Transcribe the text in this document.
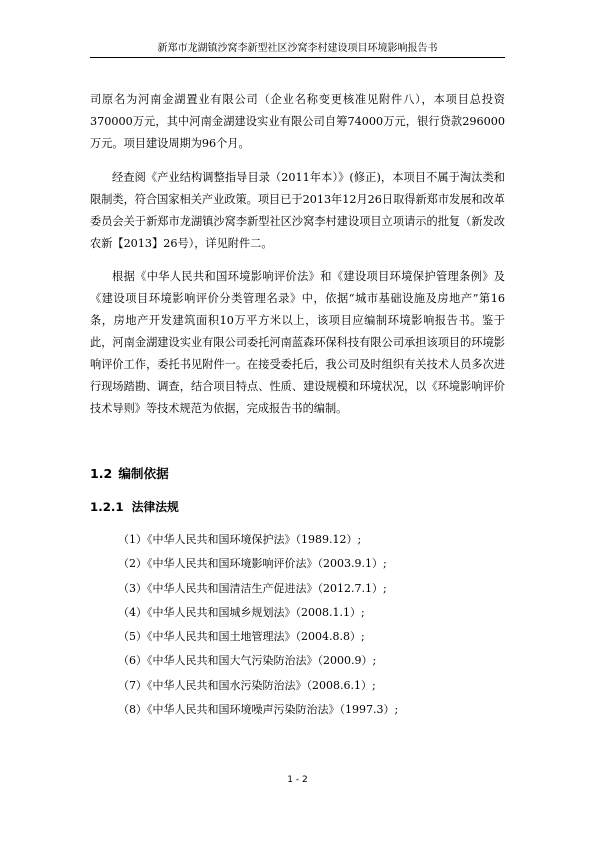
新郑市龙湖镇沙窝李新型社区沙窝李村建设项目环境影响报告书
司原名为河南金湖置业有限公司（企业名称变更核准见附件八），本项目总投资370000万元，其中河南金湖建设实业有限公司自筹74000万元，银行贷款296000万元。项目建设周期为96个月。
经查阅《产业结构调整指导目录（2011年本）》(修正)，本项目不属于淘汰类和限制类，符合国家相关产业政策。项目已于2013年12月26日取得新郑市发展和改革委员会关于新郑市龙湖镇沙窝李新型社区沙窝李村建设项目立项请示的批复（新发改农新【2013】26号），详见附件二。
根据《中华人民共和国环境影响评价法》和《建设项目环境保护管理条例》及《建设项目环境影响评价分类管理名录》中，依据“城市基础设施及房地产”第16条，房地产开发建筑面积10万平方米以上，该项目应编制环境影响报告书。鉴于此，河南金湖建设实业有限公司委托河南蓝森环保科技有限公司承担该项目的环境影响评价工作，委托书见附件一。在接受委托后，我公司及时组织有关技术人员多次进行现场踏勘、调查，结合项目特点、性质、建设规模和环境状况，以《环境影响评价技术导则》等技术规范为依据，完成报告书的编制。
1.2 编制依据
1.2.1 法律法规
（1）《中华人民共和国环境保护法》（1989.12）;
（2）《中华人民共和国环境影响评价法》（2003.9.1）;
（3）《中华人民共和国清洁生产促进法》（2012.7.1）;
（4）《中华人民共和国城乡规划法》（2008.1.1）;
（5）《中华人民共和国土地管理法》（2004.8.8）;
（6）《中华人民共和国大气污染防治法》（2000.9）;
（7）《中华人民共和国水污染防治法》（2008.6.1）;
（8）《中华人民共和国环境噪声污染防治法》（1997.3）;
1 - 2
